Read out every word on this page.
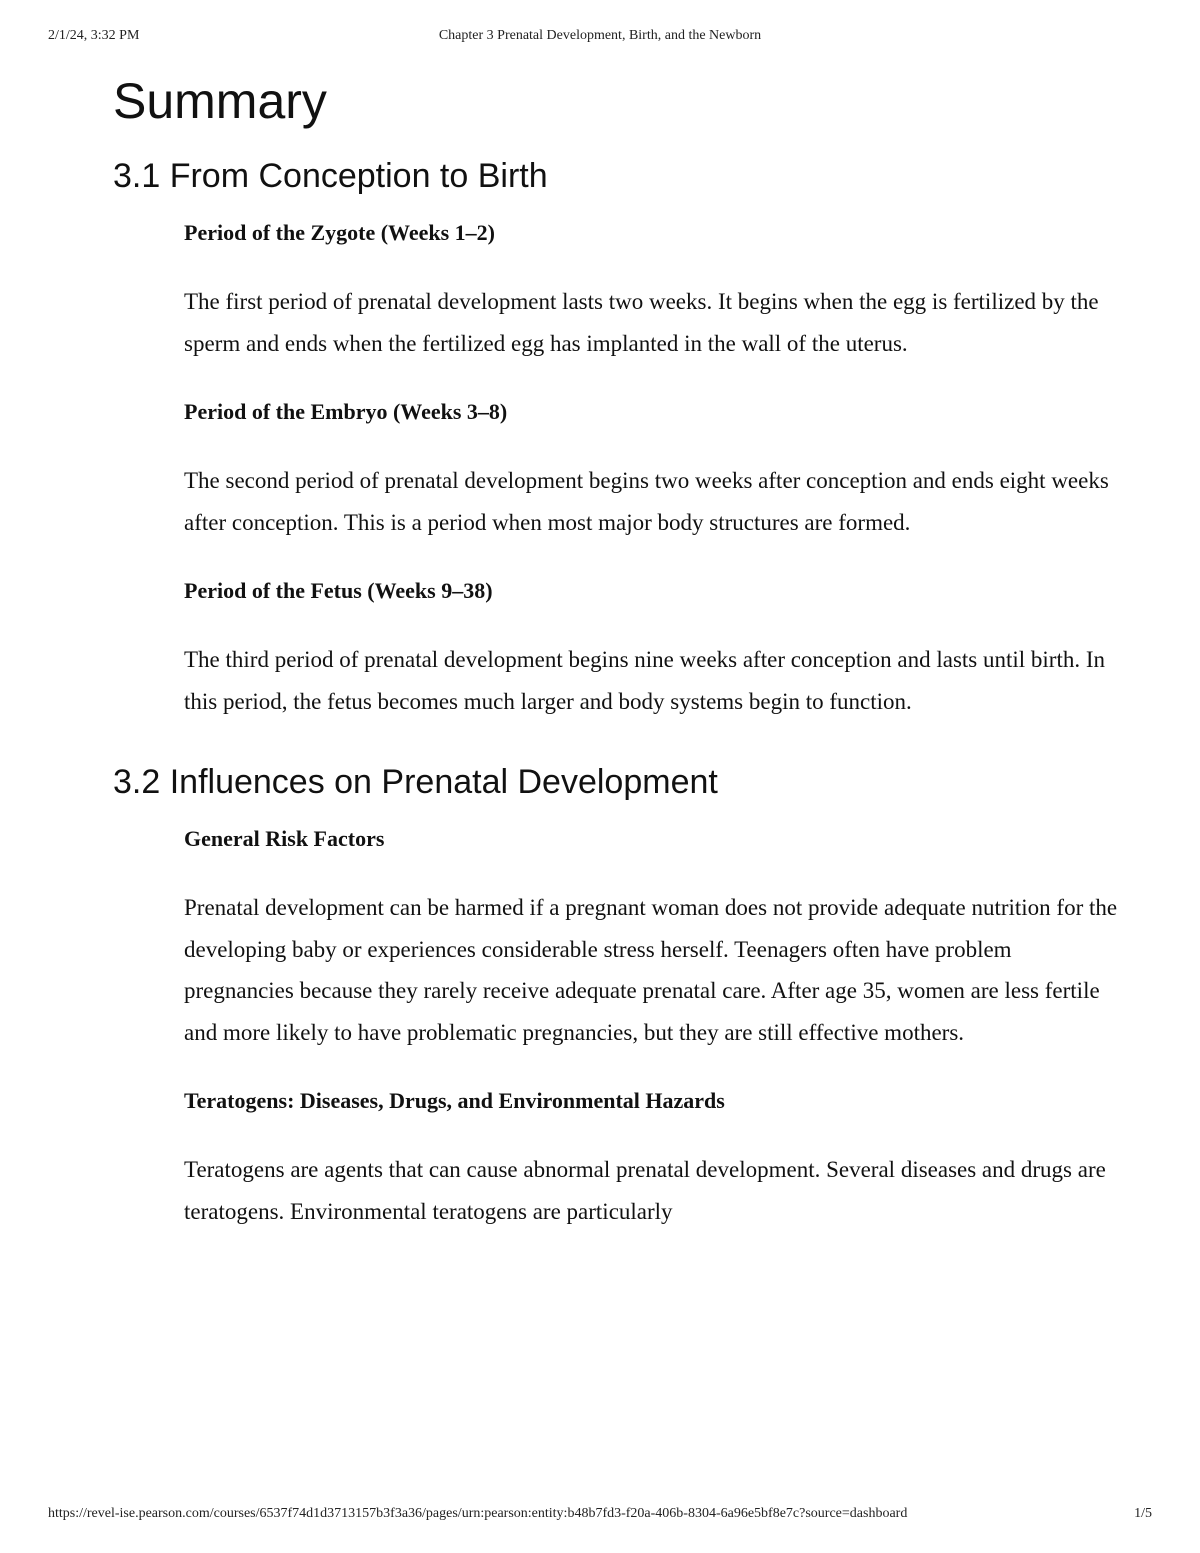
2/1/24, 3:32 PM	Chapter 3 Prenatal Development, Birth, and the Newborn
Summary
3.1 From Conception to Birth
Period of the Zygote (Weeks 1–2)

The first period of prenatal development lasts two weeks. It begins when the egg is fertilized by the sperm and ends when the fertilized egg has implanted in the wall of the uterus.

Period of the Embryo (Weeks 3–8)

The second period of prenatal development begins two weeks after conception and ends eight weeks after conception. This is a period when most major body structures are formed.

Period of the Fetus (Weeks 9–38)

The third period of prenatal development begins nine weeks after conception and lasts until birth. In this period, the fetus becomes much larger and body systems begin to function.

3.2 Influences on Prenatal Development
General Risk Factors

Prenatal development can be harmed if a pregnant woman does not provide adequate nutrition for the developing baby or experiences considerable stress herself. Teenagers often have problem pregnancies because they rarely receive adequate prenatal care. After age 35, women are less fertile and more likely to have problematic pregnancies, but they are still effective mothers.

Teratogens: Diseases, Drugs, and Environmental Hazards

Teratogens are agents that can cause abnormal prenatal development. Several diseases and drugs are teratogens. Environmental teratogens are particularly

https://revel-ise.pearson.com/courses/6537f74d1d3713157b3f3a36/pages/urn:pearson:entity:b48b7fd3-f20a-406b-8304-6a96e5bf8e7c?source=dashboard	1/5
